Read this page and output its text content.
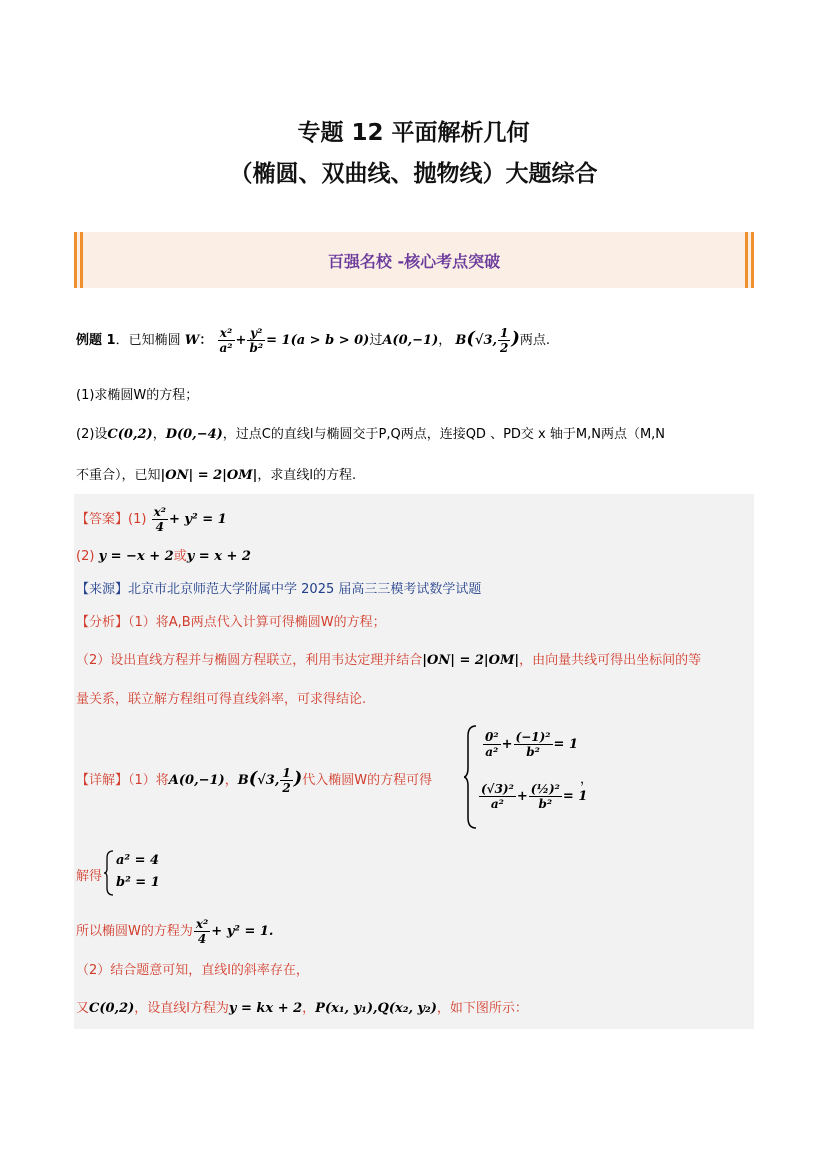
专题 12 平面解析几何
（椭圆、双曲线、抛物线）大题综合
百强名校 -核心考点突破
例题 1．已知椭圆 W： $\frac{\text{x²}}{\text{a²}} + \frac{\text{y²}}{\text{b²}} = 1(a > b > 0)$过A(0,−1)， B(√3, $\frac{1}{2}$ )两点.
(1)求椭圆W的方程；
(2)设C(0,2)，D(0,−4)，过点C的直线l与椭圆交于P,Q两点，连接QD 、PD交 x 轴于M,N两点（M,N
不重合），已知|ON| = 2|OM|，求直线l的方程.
【答案】$(1) \frac{\text{x²}}{4} + y^2 = 1$
(2) y = −x + 2或y = x + 2
【来源】北京市北京师范大学附属中学 2025 届高三三模考试数学试题
【分析】（1）将A,B两点代入计算可得椭圆W的方程；
（2）设出直线方程并与椭圆方程联立，利用韦达定理并结合|ON| = 2|OM|，由向量共线可得出坐标间的等
量关系，联立解方程组可得直线斜率，可求得结论.
【详解】（1）将A(0,−1)，B(√3, $\frac{1}{2}$ )代入椭圆W的方程可得
$\frac{\text{0²}}{\text{a²}} + \frac{\text{(−1)²}}{\text{b²}} = 1$
$\frac{\text{(√3)²}}{\text{a²}} + \frac{\text{(½)²}}{\text{b²}} = 1$
，
解得
a² = 4
b² = 1
，
所以椭圆W的方程为 $\frac{\text{x²}}{4} + y^2 = 1$.
（2）结合题意可知，直线l的斜率存在，
又C(0,2)，设直线l方程为y = kx + 2，P(x₁, y₁),Q(x₂, y₂)，如下图所示：
